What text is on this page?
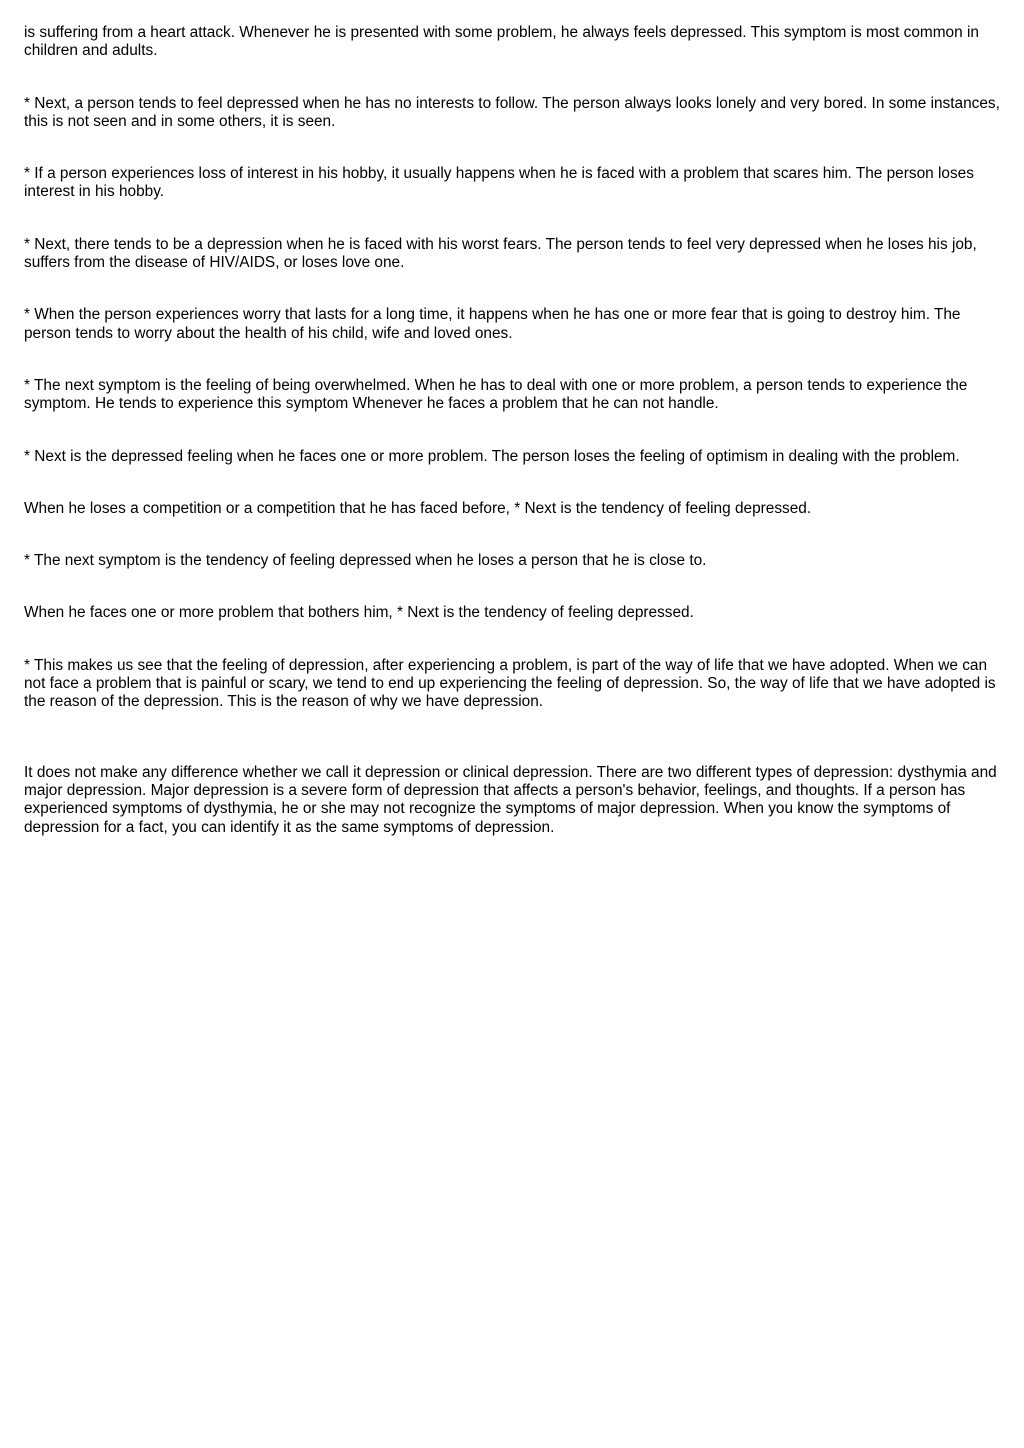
is suffering from a heart attack. Whenever he is presented with some problem, he always feels depressed. This symptom is most common in children and adults.

* Next, a person tends to feel depressed when he has no interests to follow. The person always looks lonely and very bored. In some instances, this is not seen and in some others, it is seen.

* If a person experiences loss of interest in his hobby, it usually happens when he is faced with a problem that scares him. The person loses interest in his hobby.

* Next, there tends to be a depression when he is faced with his worst fears. The person tends to feel very depressed when he loses his job, suffers from the disease of HIV/AIDS, or loses love one.

* When the person experiences worry that lasts for a long time, it happens when he has one or more fear that is going to destroy him. The person tends to worry about the health of his child, wife and loved ones.

* The next symptom is the feeling of being overwhelmed. When he has to deal with one or more problem, a person tends to experience the symptom. He tends to experience this symptom Whenever he faces a problem that he can not handle.

* Next is the depressed feeling when he faces one or more problem. The person loses the feeling of optimism in dealing with the problem.

When he loses a competition or a competition that he has faced before, * Next is the tendency of feeling depressed.

* The next symptom is the tendency of feeling depressed when he loses a person that he is close to.

When he faces one or more problem that bothers him, * Next is the tendency of feeling depressed.

* This makes us see that the feeling of depression, after experiencing a problem, is part of the way of life that we have adopted. When we can not face a problem that is painful or scary, we tend to end up experiencing the feeling of depression. So, the way of life that we have adopted is the reason of the depression. This is the reason of why we have depression.

It does not make any difference whether we call it depression or clinical depression. There are two different types of depression: dysthymia and major depression. Major depression is a severe form of depression that affects a person's behavior, feelings, and thoughts. If a person has experienced symptoms of dysthymia, he or she may not recognize the symptoms of major depression. When you know the symptoms of depression for a fact, you can identify it as the same symptoms of depression.
